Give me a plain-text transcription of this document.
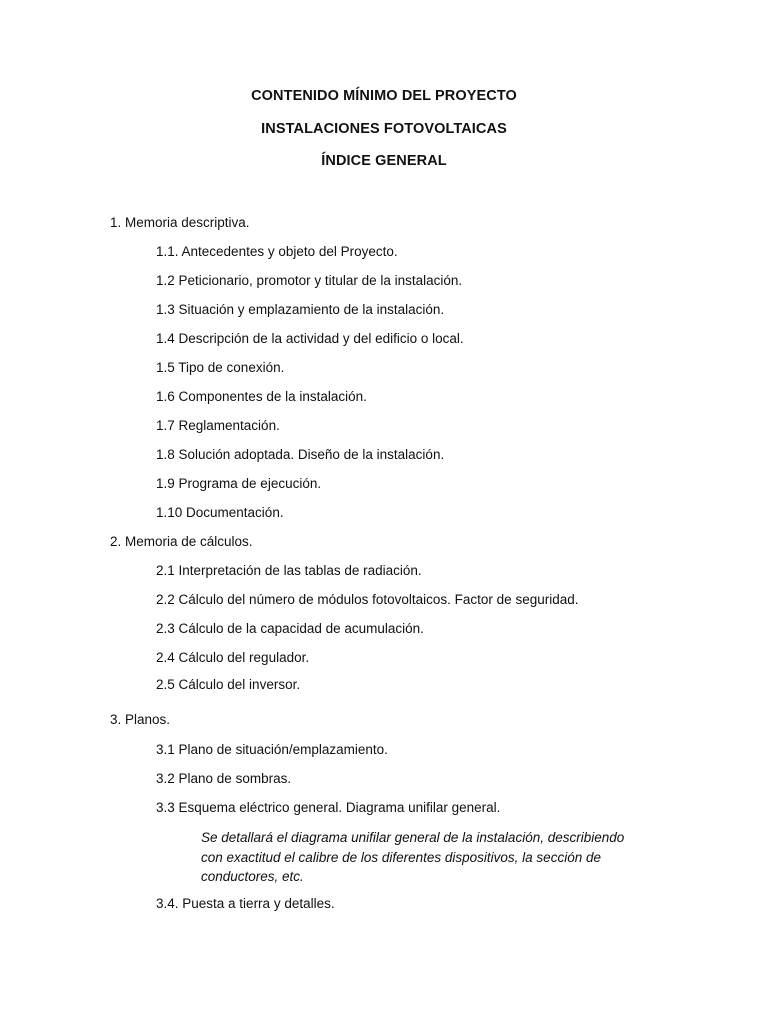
CONTENIDO MÍNIMO DEL PROYECTO
INSTALACIONES FOTOVOLTAICAS
ÍNDICE GENERAL
1. Memoria descriptiva.
1.1. Antecedentes y objeto del Proyecto.
1.2 Peticionario, promotor y titular de la instalación.
1.3 Situación y emplazamiento de la instalación.
1.4 Descripción de la actividad y del edificio o local.
1.5 Tipo de conexión.
1.6 Componentes de la instalación.
1.7 Reglamentación.
1.8 Solución adoptada. Diseño de la instalación.
1.9 Programa de ejecución.
1.10 Documentación.
2. Memoria de cálculos.
2.1 Interpretación de las tablas de radiación.
2.2 Cálculo del número de módulos fotovoltaicos. Factor de seguridad.
2.3 Cálculo de la capacidad de acumulación.
2.4 Cálculo del regulador.
2.5 Cálculo del inversor.
3. Planos.
3.1 Plano de situación/emplazamiento.
3.2 Plano de sombras.
3.3 Esquema eléctrico general. Diagrama unifilar general.
Se detallará el diagrama unifilar general de la instalación, describiendo
con exactitud el calibre de los diferentes dispositivos, la sección de
conductores, etc.
3.4. Puesta a tierra y detalles.
